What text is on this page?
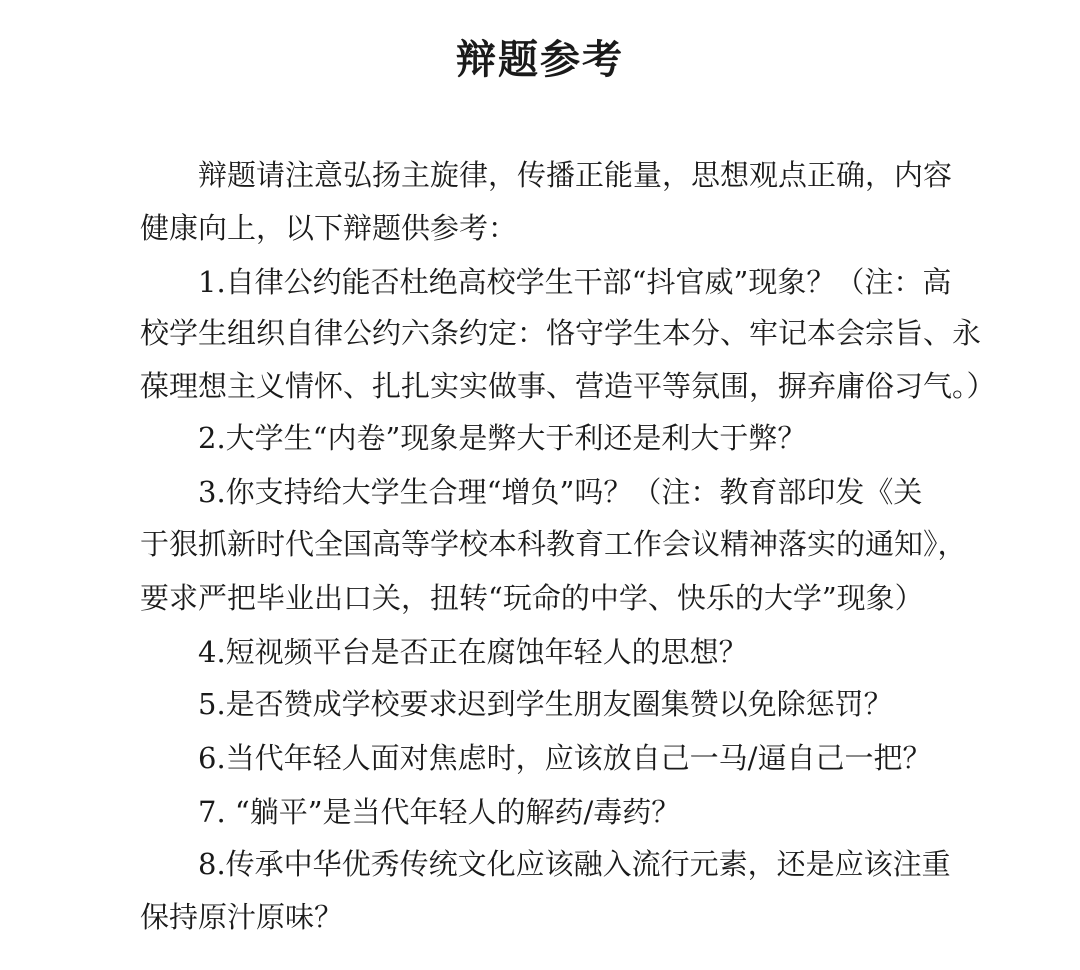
辩题参考
辩题请注意弘扬主旋律，传播正能量，思想观点正确，内容
健康向上，以下辩题供参考：
1.自律公约能否杜绝高校学生干部“抖官威”现象？（注：高
校学生组织自律公约六条约定：恪守学生本分、牢记本会宗旨、永
葆理想主义情怀、扎扎实实做事、营造平等氛围，摒弃庸俗习气。）
2.大学生“内卷”现象是弊大于利还是利大于弊？
3.你支持给大学生合理“增负”吗？（注：教育部印发《关
于狠抓新时代全国高等学校本科教育工作会议精神落实的通知》，
要求严把毕业出口关，扭转“玩命的中学、快乐的大学”现象）
4.短视频平台是否正在腐蚀年轻人的思想？
5.是否赞成学校要求迟到学生朋友圈集赞以免除惩罚？
6.当代年轻人面对焦虑时，应该放自己一马/逼自己一把？
7. “躺平”是当代年轻人的解药/毒药？
8.传承中华优秀传统文化应该融入流行元素，还是应该注重
保持原汁原味？
